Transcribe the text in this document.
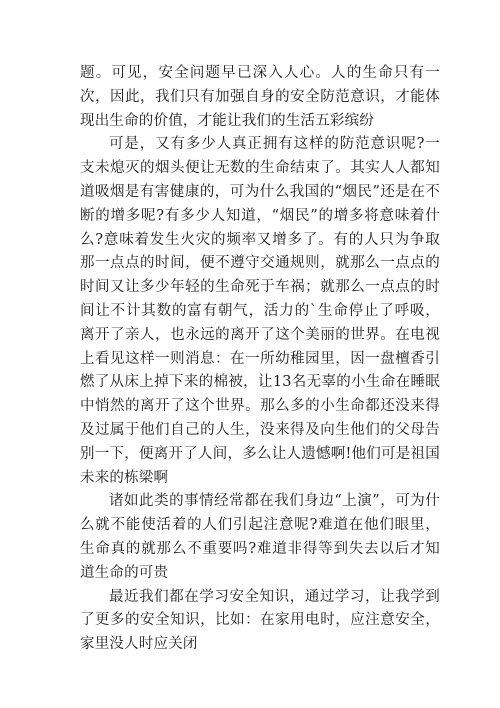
题。可见，安全问题早已深入人心。人的生命只有一次，因此，我们只有加强自身的安全防范意识，才能体现出生命的价值，才能让我们的生活五彩缤纷

可是，又有多少人真正拥有这样的防范意识呢?一支未熄灭的烟头便让无数的生命结束了。其实人人都知道吸烟是有害健康的，可为什么我国的“烟民”还是在不断的增多呢?有多少人知道，“烟民”的增多将意味着什么?意味着发生火灾的频率又增多了。有的人只为争取那一点点的时间，便不遵守交通规则，就那么一点点的时间又让多少年轻的生命死于车祸；就那么一点点的时间让不计其数的富有朝气，活力的`生命停止了呼吸，离开了亲人，也永远的离开了这个美丽的世界。在电视上看见这样一则消息：在一所幼稚园里，因一盘檀香引燃了从床上掉下来的棉被，让13名无辜的小生命在睡眠中悄然的离开了这个世界。那么多的小生命都还没来得及过属于他们自己的人生，没来得及向生他们的父母告别一下，便离开了人间，多么让人遗憾啊!他们可是祖国未来的栋梁啊

诸如此类的事情经常都在我们身边“上演”，可为什么就不能使活着的人们引起注意呢?难道在他们眼里，生命真的就那么不重要吗?难道非得等到失去以后才知道生命的可贵

最近我们都在学习安全知识，通过学习，让我学到了更多的安全知识，比如：在家用电时，应注意安全，家里没人时应关闭
